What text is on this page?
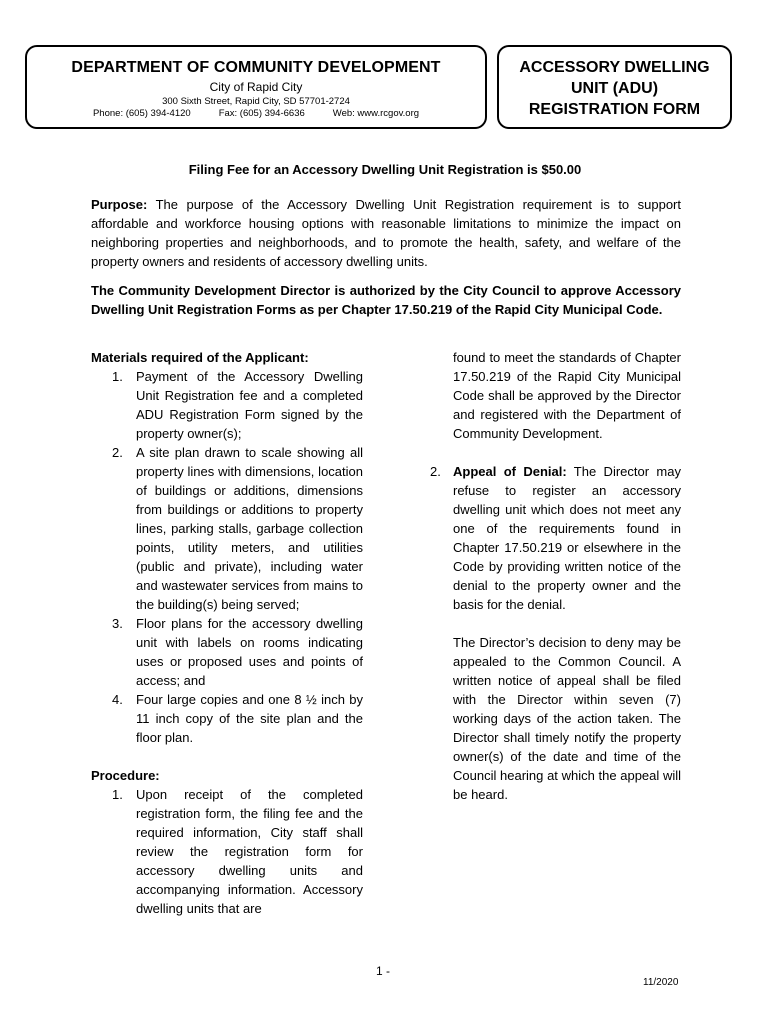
DEPARTMENT OF COMMUNITY DEVELOPMENT
City of Rapid City
300 Sixth Street, Rapid City, SD 57701-2724
Phone: (605) 394-4120	Fax: (605) 394-6636	Web: www.rcgov.org
ACCESSORY DWELLING
UNIT (ADU)
REGISTRATION FORM
Filing Fee for an Accessory Dwelling Unit Registration is $50.00
Purpose: The purpose of the Accessory Dwelling Unit Registration requirement is to support affordable and workforce housing options with reasonable limitations to minimize the impact on neighboring properties and neighborhoods, and to promote the health, safety, and welfare of the property owners and residents of accessory dwelling units.
The Community Development Director is authorized by the City Council to approve Accessory Dwelling Unit Registration Forms as per Chapter 17.50.219 of the Rapid City Municipal Code.
Materials required of the Applicant:
1.	Payment of the Accessory Dwelling Unit Registration fee and a completed ADU Registration Form signed by the property owner(s);
2.	A site plan drawn to scale showing all property lines with dimensions, location of buildings or additions, dimensions from buildings or additions to property lines, parking stalls, garbage collection points, utility meters, and utilities (public and private), including water and wastewater services from mains to the building(s) being served;
3.	Floor plans for the accessory dwelling unit with labels on rooms indicating uses or proposed uses and points of access; and
4.	Four large copies and one 8 ½ inch by 11 inch copy of the site plan and the floor plan.
Procedure:
1.	Upon receipt of the completed registration form, the filing fee and the required information, City staff shall review the registration form for accessory dwelling units and accompanying information. Accessory dwelling units that are
found to meet the standards of Chapter 17.50.219 of the Rapid City Municipal Code shall be approved by the Director and registered with the Department of Community Development.
2. Appeal of Denial: The Director may refuse to register an accessory dwelling unit which does not meet any one of the requirements found in Chapter 17.50.219 or elsewhere in the Code by providing written notice of the denial to the property owner and the basis for the denial.
The Director’s decision to deny may be appealed to the Common Council. A written notice of appeal shall be filed with the Director within seven (7) working days of the action taken. The Director shall timely notify the property owner(s) of the date and time of the Council hearing at which the appeal will be heard.
1 -
11/2020
